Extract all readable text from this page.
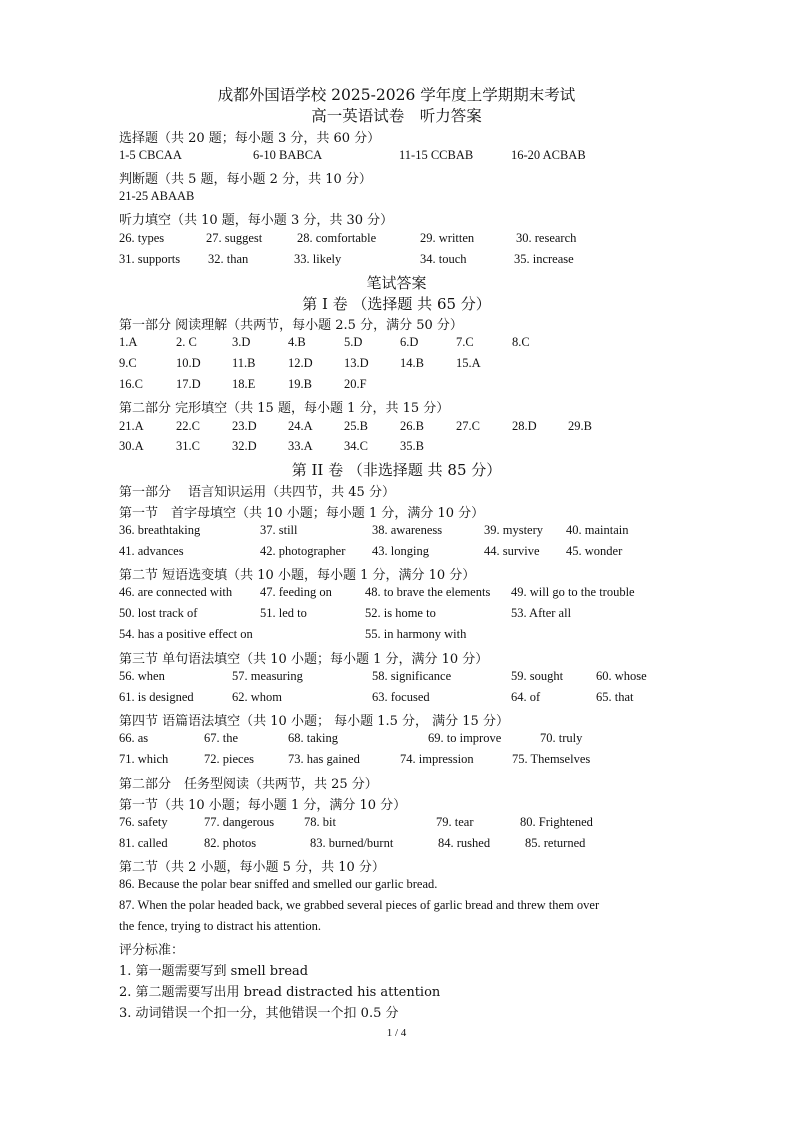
成都外国语学校 2025-2026 学年度上学期期末考试
高一英语试卷　听力答案
选择题（共 20 题；每小题 3 分，共 60 分）
1-5 CBCAA	6-10 BABCA	11-15 CCBAB	16-20 ACBAB
判断题（共 5 题，每小题 2 分，共 10 分）
21-25 ABAAB
听力填空（共 10 题，每小题 3 分，共 30 分）
26. types	27. suggest	28. comfortable	29. written	30. research
31. supports 32. than	33. likely	34. touch	35. increase
笔试答案
第 I 卷 （选择题 共 65 分）
第一部分 阅读理解（共两节，每小题 2.5 分，满分 50 分）
1.A	2. C	3.D	4.B	5.D	6.D	7.C	8.C
9.C	10.D	11.B	12.D	13.D	14.B	15.A
16.C	17.D	18.E	19.B	20.F
第二部分 完形填空（共 15 题，每小题 1 分，共 15 分）
21.A	22.C	23.D	24.A	25.B	26.B	27.C	28.D	29.B
30.A	31.C	32.D	33.A	34.C	35.B
第 II 卷 （非选择题 共 85 分）
第一部分　 语言知识运用（共四节，共 45 分）
第一节　首字母填空（共 10 小题；每小题 1 分，满分 10 分）
36. breathtaking	37. still	38. awareness	39. mystery 40. maintain
41. advances	42. photographer 43. longing	44. survive 45. wonder
第二节 短语选变填（共 10 小题，每小题 1 分，满分 10 分）
46. are connected with 47. feeding on	48. to brave the elements 49. will go to the trouble
50. lost track of	51. led to	52. is home to	53. After all
54. has a positive effect on	55. in harmony with
第三节 单句语法填空（共 10 小题；每小题 1 分，满分 10 分）
56. when	57. measuring	58. significance	59. sought	60. whose
61. is designed	62. whom	63. focused	64. of	65. that
第四节 语篇语法填空（共 10 小题； 每小题 1.5 分， 满分 15 分）
66. as	67. the	68. taking	69. to improve	70. truly
71. which	72. pieces	73. has gained	74. impression	75. Themselves
第二部分　任务型阅读（共两节，共 25 分）
第一节（共 10 小题；每小题 1 分，满分 10 分）
76. safety	77. dangerous 78. bit	79. tear	80. Frightened
81. called	82. photos	83. burned/burnt	84. rushed	85. returned
第二节（共 2 小题，每小题 5 分，共 10 分）
86. Because the polar bear sniffed and smelled our garlic bread.
87. When the polar headed back, we grabbed several pieces of garlic bread and threw them over
the fence, trying to distract his attention.
评分标准：
1. 第一题需要写到 smell bread
2. 第二题需要写出用 bread distracted his attention
3. 动词错误一个扣一分，其他错误一个扣 0.5 分
1 / 4
